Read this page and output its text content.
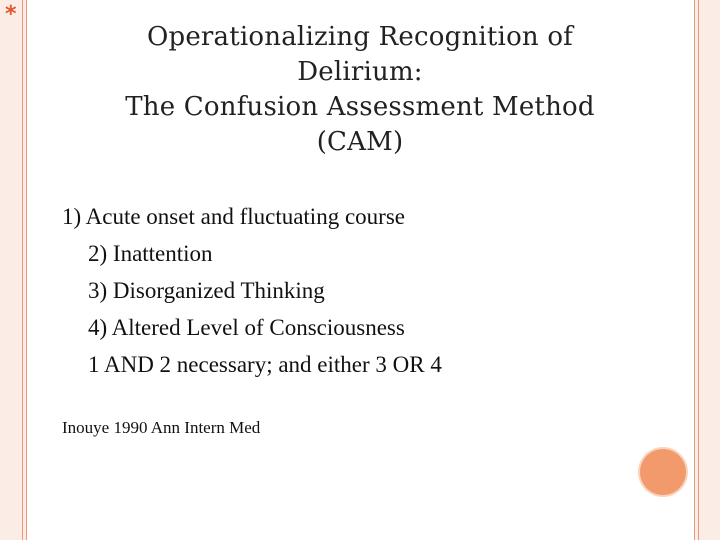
*
Operationalizing Recognition of
Delirium:
The Confusion Assessment Method
(CAM)
1) Acute onset and fluctuating course
2) Inattention
3) Disorganized Thinking
4) Altered Level of Consciousness
1 AND 2 necessary; and either 3 OR 4
Inouye 1990 Ann Intern Med
